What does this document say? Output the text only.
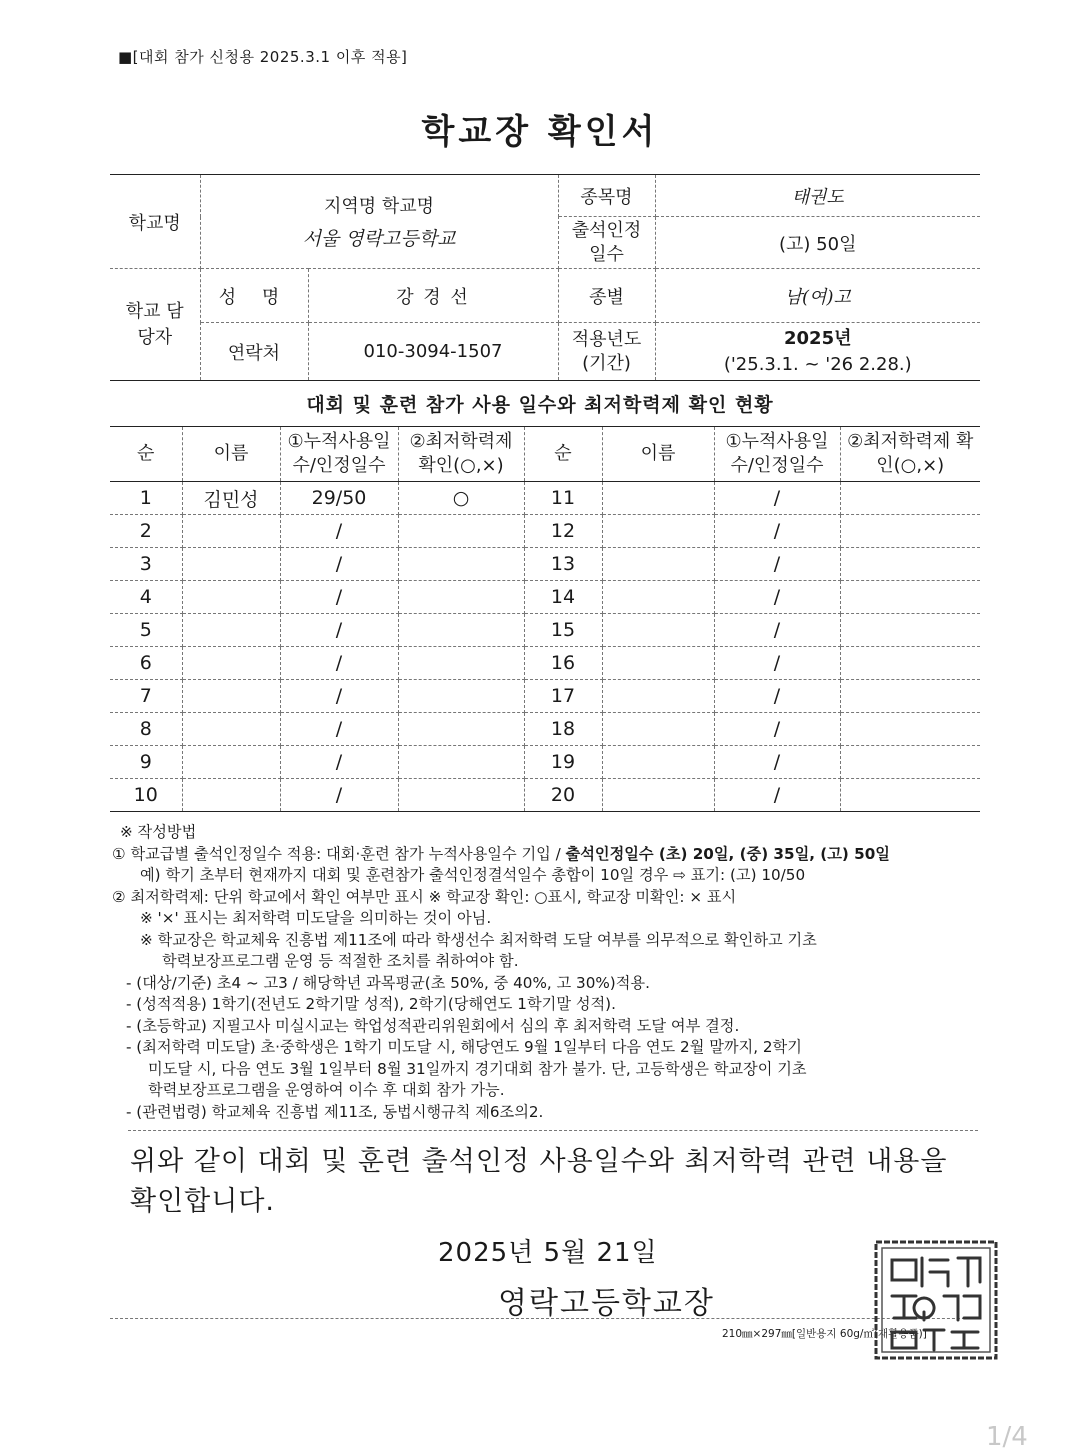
■[대회 참가 신청용 2025.3.1 이후 적용]
학교장 확인서
학교명	지역명 학교명
서울 영락고등학교		종목명	태권도
			출석인정 일수	(고) 50일
학교 담당자	성 명	강 경 선	종별	남(여)고
	연락처	010-3094-1507	적용년도 (기간)	2025년
('25.3.1. ~ '26 2.28.)
대회 및 훈련 참가 사용 일수와 최저학력제 확인 현황
순	이름	①누적사용일수/인정일수	②최저학력제 확인(○,×)	순	이름	①누적사용일수/인정일수	②최저학력제 확인(○,×)
1	김민성	29/50	○	11		/	
2		/		12		/	
3		/		13		/	
4		/		14		/	
5		/		15		/	
6		/		16		/	
7		/		17		/	
8		/		18		/	
9		/		19		/	
10		/		20		/	
※ 작성방법
① 학교급별 출석인정일수 적용: 대회·훈련 참가 누적사용일수 기입 / 출석인정일수 (초) 20일, (중) 35일, (고) 50일
예) 학기 초부터 현재까지 대회 및 훈련참가 출석인정결석일수 총합이 10일 경우 ⇨ 표기: (고) 10/50
② 최저학력제: 단위 학교에서 확인 여부만 표시 ※ 학교장 확인: ○표시, 학교장 미확인: × 표시
※ '×' 표시는 최저학력 미도달을 의미하는 것이 아님.
※ 학교장은 학교체육 진흥법 제11조에 따라 학생선수 최저학력 도달 여부를 의무적으로 확인하고 기초
학력보장프로그램 운영 등 적절한 조치를 취하여야 함.
- (대상/기준) 초4 ~ 고3 / 해당학년 과목평균(초 50%, 중 40%, 고 30%)적용.
- (성적적용) 1학기(전년도 2학기말 성적), 2학기(당해연도 1학기말 성적).
- (초등학교) 지필고사 미실시교는 학업성적관리위원회에서 심의 후 최저학력 도달 여부 결정.
- (최저학력 미도달) 초·중학생은 1학기 미도달 시, 해당연도 9월 1일부터 다음 연도 2월 말까지, 2학기
미도달 시, 다음 연도 3월 1일부터 8월 31일까지 경기대회 참가 불가. 단, 고등학생은 학교장이 기초
학력보장프로그램을 운영하여 이수 후 대회 참가 가능.
- (관련법령) 학교체육 진흥법 제11조, 동법시행규칙 제6조의2.
위와 같이 대회 및 훈련 출석인정 사용일수와 최저학력 관련 내용을
확인합니다.
2025년 5월 21일
영락고등학교장
210㎜×297㎜[일반용지 60g/㎡(재활용품)]
1/4
